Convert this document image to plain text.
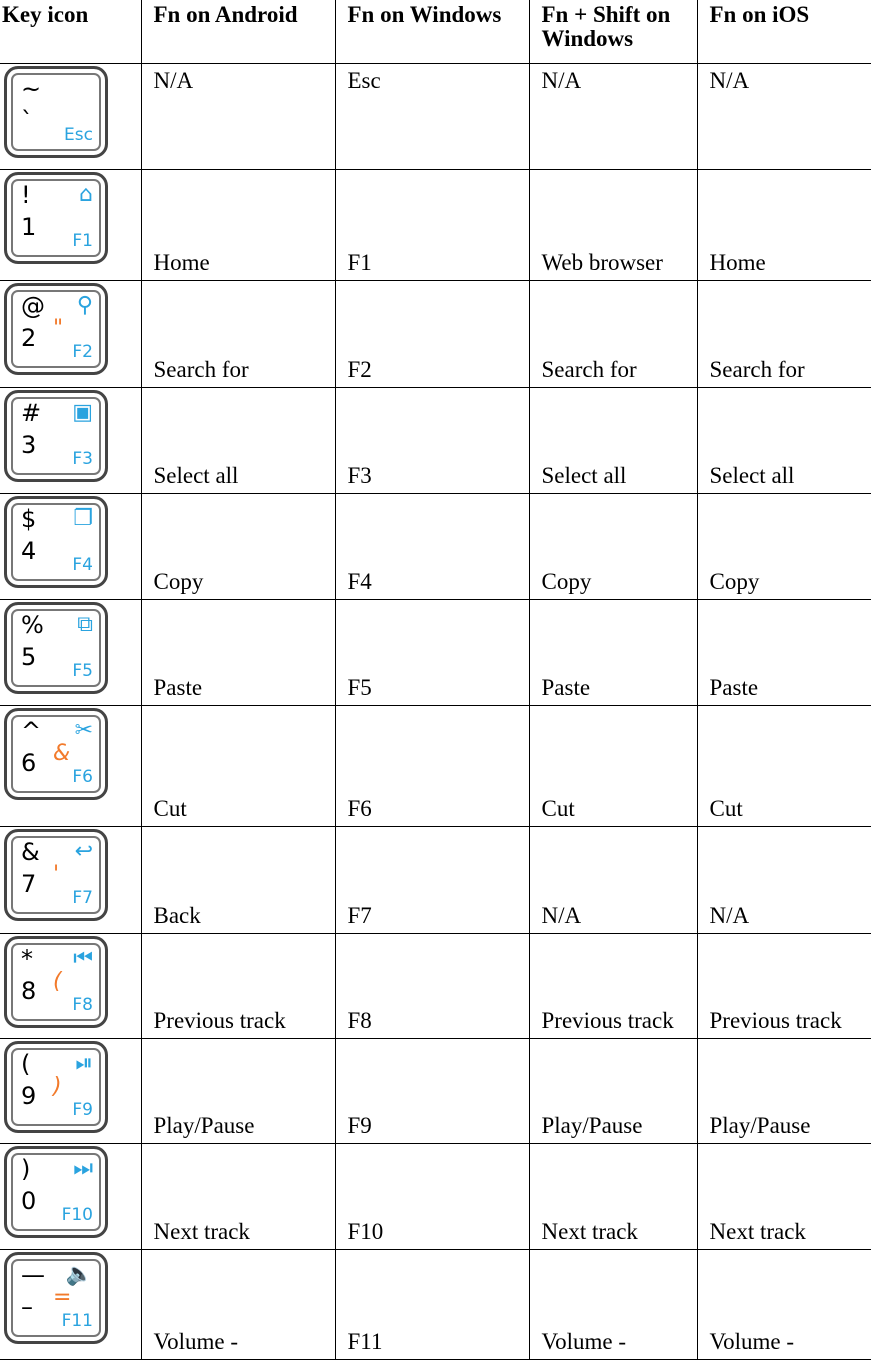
Key icon	Fn on Android	Fn on Windows	Fn + Shift on Windows	Fn on iOS

~
` Esc	N/A	Esc	N/A	N/A

!
1
⌂
F1	Home	F1	Web browser	Home

@
2 "
⚲
F2	Search for	F2	Search for	Search for

#
3
▣
F3	Select all	F3	Select all	Select all

$
4
❐
F4	Copy	F4	Copy	Copy

%
5
⧉
F5	Paste	F5	Paste	Paste

^
6 &
✂
F6	Cut	F6	Cut	Cut

&
7 '
↩
F7	Back	F7	N/A	N/A

*
8 (
⏮
F8	Previous track	F8	Previous track	Previous track

(
9 )
⏯
F9	Play/Pause	F9	Play/Pause	Play/Pause

)
0
⏭
F10	Next track	F10	Next track	Next track

—
– =
🔈
F11	Volume -	F11	Volume -	Volume -
